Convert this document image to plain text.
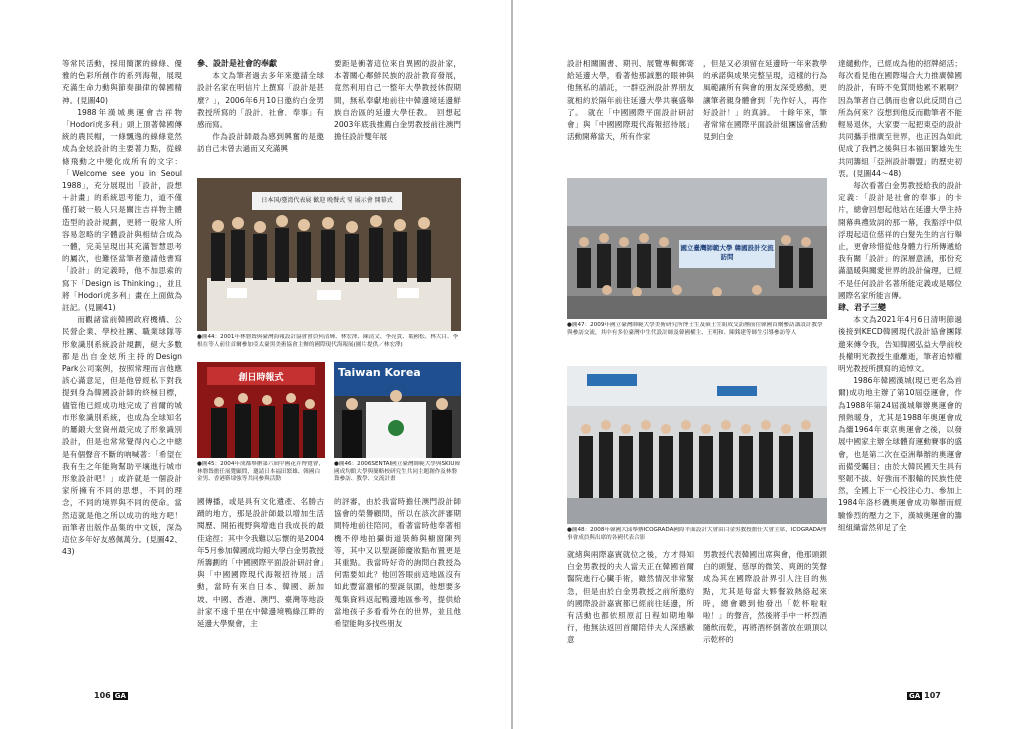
等常民活動，採用簡潔的線條、優雅的色彩所創作的系列海報，展現充滿生命力動與節奏韻律的韓國精神。(見圖40)

1988年漢城奧運會吉祥物「Hodori虎多利」頭上頂著韓國傳統的農民帽，一條飄逸的線條竟然成為金炫設計的主要著力點，從線條飛動之中變化成所有的文字：「Welcome see you in Seoul 1988」，充分展現出「設計，設想＋計畫」的系統思考能力，道不僅僅打破一般人只是關注吉祥物主體造型的設計規劃，更將一般常人所容易忽略的字體設計與相結合成為一體，完美呈現出其充滿智慧思考的屬次，也難怪當筆者邀請他書寫「設計」的定義時，他不加思索的寫下「Design is Thinking」，並且將「Hodori虎多利」畫在上面做為註記。(見圖41)

而觀諸當前韓國政府機構、公民營企業、學校社團、職業球隊等形象識別系統設計規劃，絕大多數都是出自金炫所主持的Design Park公司案例，按照常理而言他應該心滿意足，但是他曾經私下對我提到身為韓國設計師的終極目標，儘管他已經成功地完成了首爾的城市形象識別系統，也成為全球知名的屢鍛大堂資州最完成了形象識別設計，但是也常常覺得內心之中總是有個聲音不斷的吶喊著：「希望在我有生之年能夠幫助平壤進行城市形象設計吧！」或許就是一個設計家所擁有不同的思想，不同的理念，不同的境界與不同的使命。當然這就是他之所以成功的地方吧！而筆者出版作品集的中文版，深為這位多年好友感佩萬分。(見圖42、43)

參、設計是社會的奉獻

本文為筆者過去多年來邀請全球設計名家在明信片上撰寫「設計是甚麼？」，2006年6月10日邀約白金男教授所寫的「設計．社會．奉事」有感而寫。

作為設計師最為感到興奮的是邀訪自己未曾去過而又充滿興

要距是衝著這位來自異國的設計家，本著關心鄰鮮民族的設計教育發展，竟然利用自己一整年大學教授休假期間，無私奉獻地前往中韓邊境延邊鮮族自治區的延邊大學任教。　回想起2003年底我推薦白金男教授前往澳門擔任設計雙年展

日本国/臺湾代表展 歡迎 晚餐式 및 展示會 開幕式
●圖44：2001年林磐聳與臺灣海報設計協會會員何清輝、林宏澤、陳清文、李亮貴、葉國松、林大目、李根在等人前往首爾參加亞太臺黑美術協會主辦的國際現代海報展(圖片提供／林宏澤)
創日時報式
●圖45：2004年成都舉辦第六屆中國花卉博覽會，林磐聳擔任展覽顧問，邀請日本福田繁雄、韓國白金男、香港靳埭強等共同參與活動
Taiwan Korea
●圖46：2006SENTAI國立臺灣師範大學與SKIU韓國成均館大學與簡略校研究生共同主題創作及林磐聳參訪、教學、交流計畫

國傳播，或是具有文化遺產、名勝古蹟的地方，那是設計師最以增加生活閱歷、開拓視野與增進自我成長的最佳途徑；其中令我難以忘懷的是2004年5月參加韓國成均館大學白金男教授所籌劃的「中國國際平面設計研討會」與「中國國際現代海報招待展」活動，當時有來自日本、韓國、新加坡、中國、香港、澳門、臺灣等地設計家不遠千里在中韓邊境鴨綠江畔的延邊大學聚會，主

的評審，由於我當時擔任澳門設計師協會的榮譽顧問，所以在該次評審期間特地前往陪同，看著當時他奉著相機不停地拍攝街道裝飾與櫥窗陳列等，其中又以聖誕節慶妝點布置更是其重點。我當時好奇的詢問白教授為何需要如此？他回答眼前這地區沒有如此豐富濃郁的聖誕氛圍，他想要多蒐集資料返起鴨邊地區參考，提供給當地孩子多看看外在的世界，並且他希望能夠多找些朋友

106 GA

設計相關圖書、期刊、展覽專輯郵寄給延邊大學，看著他那誠懇的眼神與他無私的請託，一群亞洲設計界朋友就相約於隔年前往延邊大學共襄盛舉了。　就在「中國國際平面設計研討會」與「中國國際現代海報招待展」活動開幕當天，所有作家

，但是又必須留在延邊時一年來教學的承諾與成果完整呈現，這樣的行為風範讓所有與會的朋友深受感動，更讓筆者親身體會到「先作好人，再作好設計！」的真諦。　十餘年來，筆者常常在國際平面設計組團協會活動見到白金

國立臺灣師範大學 韓國設計交流訪問
●圖47：2009年國立臺灣師範大學美術研究所博士生及碩士生組成交訪團前往韓國首爾參訪講設計教學與參訪交流，其中有多位臺灣中生代設計師及韓國權主、王明和、陳銘建等師生引導參訪等人
●圖48：2008年韓國大邱舉辦ICOGRADA國際平面設計大會由白金男教授擔任大會主席，ICOGRADA理事會成員與出席的各國代表合影

就緒與兩際嘉賓就位之後，方才得知白金男教授的夫人當天正在韓國首爾醫院進行心臟手術，雖然情況非常緊急，但是由於白金男教授之前所邀約的國際設計嘉賓都已經前往延邊，所有活動也都依照原訂日程如期地舉行，他無法返回首爾陪伴夫人深感歉意

男教授代表韓國出席與會，他那頭銀白的頭髮、慈厚的微笑、爽朗的笑聲成為其在國際設計界引人注目的焦點，尤其是每當大夥餐敘熱絡起來時，總會聽到他發出「乾杯啦啦啦！」的聲音，然後將手中一杯烈酒隨飲而乾，再將酒杯倒著放在頭頂以示乾杯的

達繾動作，已經成為他的招牌絕活；每次看見他在國際場合大力推廣韓國的設計，有時不免質問他累不累啊？因為筆者自己偶而也會以此反問自己所為何來？沒想到他反而勸筆者不能輕易退休，大家要一起把東亞的設計共同攜手推廣至世界，也正因為如此促成了我們之後與日本福田繁雄先生共同籌組「亞洲設計聯盟」的歷史初衷。(見圖44～48)

每次看著白金男教授給我的設計定義：「設計是社會的奉事」的卡片，總會回想起他站在延邊大學主持開幕典禮致詞的那一幕，我豁浮中似浮現起這位慈祥的白髮先生的言行舉止，更會珍惜從他身體力行所傳遞給我有關「設計」的深層意涵，那份充滿溫暖與關愛世界的設計倫理，已經不是任何設計名著所能定義或是哪位國際名家所能言傳。

肆、君子三變

本文為2021年4月6日清明節過後接到KECD韓國現代設計協會團隊邀來傳令我，告知韓國弘益大學前校長權明光教授生重離逝，筆者追悼權明光教授所撰寫的追悼文。

1986年韓國漢城(現已更名為首爾)成功地主辦了第10屆亞運會，作為1988年第24屆漢城舉辦奧運會的預熱暖身，尤其是1988年奧運會成為繼1964年東京奧運會之後，以發展中國家主辦全球體育運動賽事的盛會，也是第二次在亞洲舉辦的奧運會而備受矚目；由於大韓民國天生具有堅韌不拔、好強而不服輸的民族性使然，全國上下一心投注心力、參加上1984年洛杉磯奧運會成功舉辦而經驗慘烈的壓力之下，漢城奧運會的籌組組織當然卯足了全

GA 107
